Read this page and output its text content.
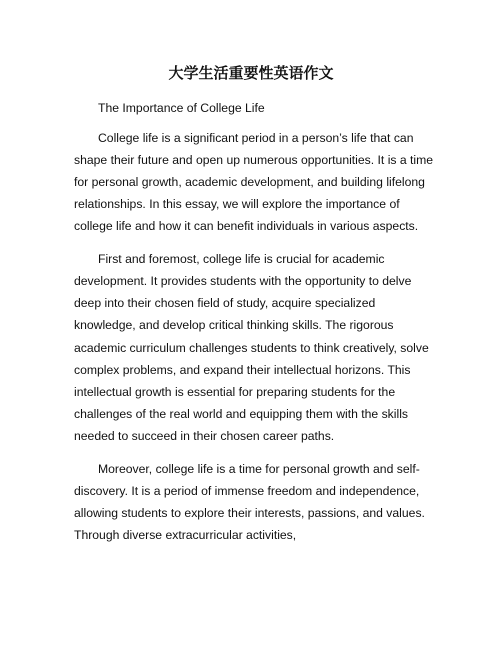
大学生活重要性英语作文

The Importance of College Life

College life is a significant period in a person’s life that can shape their future and open up numerous opportunities. It is a time for personal growth, academic development, and building lifelong relationships. In this essay, we will explore the importance of college life and how it can benefit individuals in various aspects.

First and foremost, college life is crucial for academic development. It provides students with the opportunity to delve deep into their chosen field of study, acquire specialized knowledge, and develop critical thinking skills. The rigorous academic curriculum challenges students to think creatively, solve complex problems, and expand their intellectual horizons. This intellectual growth is essential for preparing students for the challenges of the real world and equipping them with the skills needed to succeed in their chosen career paths.

Moreover, college life is a time for personal growth and self-discovery. It is a period of immense freedom and independence, allowing students to explore their interests, passions, and values. Through diverse extracurricular activities,
